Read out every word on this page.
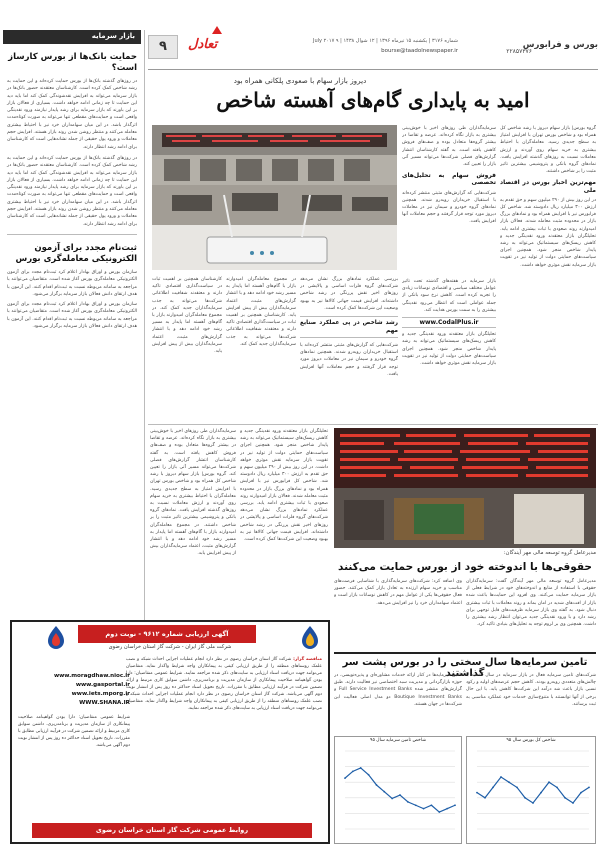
بورس و فرابورس
شماره ۳۱۷۶ | یکشنبه ۱۵ تیرماه ۱۳۹۶ | ۱۲ شوال ۱۴۳۸ | ۹ July ۲۰۱۷
bourse@taadolnewspaper.ir	۲۲۸۵۷۳۷۶
تعادل
۹
بازار سرمایه
حمایت بانک‌ها از بورس کارساز است؟
در روزهای گذشته بانک‌ها از بورس حمایت کرده‌اند و این حمایت به رشد شاخص کمک کرده است. کارشناسان معتقدند حضور بانک‌ها در بازار سرمایه می‌تواند به افزایش نقدشوندگی کمک کند اما باید دید این حمایت تا چه زمانی ادامه خواهد داشت. بسیاری از فعالان بازار بر این باورند که بازار سرمایه برای رشد پایدار نیازمند ورود نقدینگی واقعی است و حمایت‌های مقطعی تنها می‌تواند به صورت کوتاه‌مدت اثرگذار باشد. در این میان سهامداران خرد نیز با احتیاط بیشتری معامله می‌کنند و منتظر روشن شدن روند بازار هستند. افزایش حجم معاملات و ورود پول حقیقی از جمله نشانه‌هایی است که کارشناسان برای ادامه رشد انتظار دارند.
در روزهای گذشته بانک‌ها از بورس حمایت کرده‌اند و این حمایت به رشد شاخص کمک کرده است. کارشناسان معتقدند حضور بانک‌ها در بازار سرمایه می‌تواند به افزایش نقدشوندگی کمک کند اما باید دید این حمایت تا چه زمانی ادامه خواهد داشت. بسیاری از فعالان بازار بر این باورند که بازار سرمایه برای رشد پایدار نیازمند ورود نقدینگی واقعی است و حمایت‌های مقطعی تنها می‌تواند به صورت کوتاه‌مدت اثرگذار باشد. در این میان سهامداران خرد نیز با احتیاط بیشتری معامله می‌کنند و منتظر روشن شدن روند بازار هستند. افزایش حجم معاملات و ورود پول حقیقی از جمله نشانه‌هایی است که کارشناسان برای ادامه رشد انتظار دارند.
ثبت‌نام مجدد برای آزمون الکترونیکی معامله‌گری بورس
سازمان بورس و اوراق بهادار اعلام کرد ثبت‌نام مجدد برای آزمون الکترونیکی معامله‌گری بورس آغاز شده است. متقاضیان می‌توانند با مراجعه به سامانه مربوطه نسبت به ثبت‌نام اقدام کنند. این آزمون با هدف ارتقای دانش فعالان بازار سرمایه برگزار می‌شود.
سازمان بورس و اوراق بهادار اعلام کرد ثبت‌نام مجدد برای آزمون الکترونیکی معامله‌گری بورس آغاز شده است. متقاضیان می‌توانند با مراجعه به سامانه مربوطه نسبت به ثبت‌نام اقدام کنند. این آزمون با هدف ارتقای دانش فعالان بازار سرمایه برگزار می‌شود.
دیروز بازار سهام با صعودی پلکانی همراه بود
امید به پایداری گام‌های آهسته شاخص
گروه بورس| بازار سهام دیروز با رشد شاخص کل همراه بود و شاخص بورس تهران با افزایش امتیاز به سطح جدیدی رسید. معامله‌گران با احتیاط بیشتری به خرید سهام روی آوردند و ارزش معاملات نسبت به روزهای گذشته افزایش یافت. نمادهای گروه بانکی و پتروشیمی بیشترین تاثیر مثبت را بر شاخص داشتند.
مهم‌ترین اخبار بورس در اقتصاد ملی
در این روز بیش از ۲۹۰ میلیون سهم و حق تقدم به ارزش ۳۰۰ میلیارد ریال دادوستد شد. شاخص کل فرابورس نیز با افزایش همراه بود و نمادهای بزرگ بازار در محدوده مثبت معامله شدند. فعالان بازار امیدوارند روند صعودی با ثبات بیشتری ادامه یابد. تحلیلگران بازار معتقدند ورود نقدینگی جدید و کاهش ریسک‌های سیستماتیک می‌تواند به رشد پایدار شاخص منجر شود. همچنین اجرای سیاست‌های حمایتی دولت از تولید نیز در تقویت بازار سرمایه نقش موثری خواهد داشت.
سرمایه‌گذاران طی روزهای اخیر با خوش‌بینی بیشتری به بازار نگاه کرده‌اند. عرضه و تقاضا در بیشتر گروه‌ها متعادل بوده و صف‌های فروش کاهش یافته است. به گفته کارشناسان انتشار گزارش‌های فصلی شرکت‌ها می‌تواند مسیر آتی بازار را تعیین کند.
فروش سهام به تحلیل‌های تخصصی
شرکت‌هایی که گزارش‌های مثبتی منتشر کرده‌اند با استقبال خریداران روبه‌رو شدند. همچنین نمادهای گروه خودرو و سیمان نیز در معاملات دیروز مورد توجه قرار گرفتند و حجم معاملات آنها افزایش یافت.
بازار سرمایه در هفته‌های گذشته تحت تاثیر عوامل مختلف سیاسی و اقتصادی نوسانات زیادی را تجربه کرده است. کاهش نرخ سود بانکی از جمله عواملی است که انتظار می‌رود نقدینگی بیشتری را به سمت بورس هدایت کند.
www.CodalPlus.ir
تحلیلگران بازار معتقدند ورود نقدینگی جدید و کاهش ریسک‌های سیستماتیک می‌تواند به رشد پایدار شاخص منجر شود. همچنین اجرای سیاست‌های حمایتی دولت از تولید نیز در تقویت بازار سرمایه نقش موثری خواهد داشت.
بررسی عملکرد نمادهای بزرگ نشان می‌دهد شرکت‌های گروه فلزات اساسی و پالایشی در روزهای اخیر نقش پررنگی در رشد شاخص داشته‌اند. افزایش قیمت جهانی کالاها نیز به بهبود وضعیت این شرکت‌ها کمک کرده است.
رشد شاخص در پی عملکرد صنایع مهم
شرکت‌هایی که گزارش‌های مثبتی منتشر کرده‌اند با استقبال خریداران روبه‌رو شدند. همچنین نمادهای گروه خودرو و سیمان نیز در معاملات دیروز مورد توجه قرار گرفتند و حجم معاملات آنها افزایش یافت.
در مجموع معامله‌گران امیدوارند بازار با گام‌های آهسته اما پایدار به مسیر رشد خود ادامه دهد و با انتشار گزارش‌های مثبت، اعتماد سرمایه‌گذاران بیش از پیش افزایش یابد. کارشناسان همچنین بر اهمیت ثبات در سیاست‌گذاری اقتصادی تاکید دارند و معتقدند شفافیت اطلاعاتی شرکت‌ها می‌تواند به جذب سرمایه‌گذاران جدید کمک کند.
کارشناسان همچنین بر اهمیت ثبات در سیاست‌گذاری اقتصادی تاکید دارند و معتقدند شفافیت اطلاعاتی شرکت‌ها می‌تواند به جذب سرمایه‌گذاران جدید کمک کند. در مجموع معامله‌گران امیدوارند بازار با گام‌های آهسته اما پایدار به مسیر رشد خود ادامه دهد و با انتشار گزارش‌های مثبت، اعتماد سرمایه‌گذاران بیش از پیش افزایش یابد.
مدیرعامل گروه توسعه مالی مهر آیندگان:
حقوقی‌ها با اندوخته خود از بورس حمایت می‌کنند
مدیرعامل گروه توسعه مالی مهر آیندگان گفت: سرمایه‌گذاران حقوقی با استفاده از منابع و اندوخته‌های خود در شرایط فعلی از بازار سرمایه حمایت می‌کنند. وی افزود این حمایت‌ها باعث شده بازار از افت‌های شدید در امان بماند و روند معاملات با ثبات بیشتری دنبال شود. به گفته وی بازار سرمایه ظرفیت‌های قابل توجهی برای رشد دارد و با ورود نقدینگی جدید می‌توان انتظار رشد بیشتری را داشت. همچنین وی بر لزوم توجه به تحلیل‌های بنیادی تاکید کرد.
وی اضافه کرد: شرکت‌های سرمایه‌گذاری با شناسایی فرصت‌های مناسب و خرید سهام ارزنده به تعادل بازار کمک می‌کنند. حضور فعال حقوقی‌ها یکی از عوامل مهم در کاهش نوسانات بازار است و اعتماد سهامداران خرد را نیز افزایش می‌دهد.
تحلیلگران بازار معتقدند ورود نقدینگی جدید و کاهش ریسک‌های سیستماتیک می‌تواند به رشد پایدار شاخص منجر شود. همچنین اجرای سیاست‌های حمایتی دولت از تولید نیز در تقویت بازار سرمایه نقش موثری خواهد داشت. در این روز بیش از ۲۹۰ میلیون سهم و حق تقدم به ارزش ۳۰۰ میلیارد ریال دادوستد شد. شاخص کل فرابورس نیز با افزایش همراه بود و نمادهای بزرگ بازار در محدوده مثبت معامله شدند. فعالان بازار امیدوارند روند صعودی با ثبات بیشتری ادامه یابد. بررسی عملکرد نمادهای بزرگ نشان می‌دهد شرکت‌های گروه فلزات اساسی و پالایشی در روزهای اخیر نقش پررنگی در رشد شاخص داشته‌اند. افزایش قیمت جهانی کالاها نیز به بهبود وضعیت این شرکت‌ها کمک کرده است.
سرمایه‌گذاران طی روزهای اخیر با خوش‌بینی بیشتری به بازار نگاه کرده‌اند. عرضه و تقاضا در بیشتر گروه‌ها متعادل بوده و صف‌های فروش کاهش یافته است. به گفته کارشناسان انتشار گزارش‌های فصلی شرکت‌ها می‌تواند مسیر آتی بازار را تعیین کند. گروه بورس| بازار سهام دیروز با رشد شاخص کل همراه بود و شاخص بورس تهران با افزایش امتیاز به سطح جدیدی رسید. معامله‌گران با احتیاط بیشتری به خرید سهام روی آوردند و ارزش معاملات نسبت به روزهای گذشته افزایش یافت. نمادهای گروه بانکی و پتروشیمی بیشترین تاثیر مثبت را بر شاخص داشتند. در مجموع معامله‌گران امیدوارند بازار با گام‌های آهسته اما پایدار به مسیر رشد خود ادامه دهد و با انتشار گزارش‌های مثبت، اعتماد سرمایه‌گذاران بیش از پیش افزایش یابد.
تامین سرمایه‌ها سال سختی را در بورس پشت سر گذاشتند
شرکت‌های تامین سرمایه فعال در بازار سرمایه در سال گذشته با چالش‌های متعددی روبه‌رو بودند. کاهش حجم عرضه‌های اولیه و رکود نسبی بازار باعث شد درآمد این شرکت‌ها کاهش یابد. با این حال برخی از آنها توانستند با متنوع‌سازی خدمات خود عملکرد مناسبی به ثبت برسانند.
تامین سرمایه‌ها در کنار ارائه خدمات مشاوره‌ای و پذیره‌نویسی، در حوزه بازارگردانی و مدیریت سبد اختصاصی نیز فعالیت دارند. طبق گزارش‌های منتشر شده Full Service Investment Banks و Boutique Investment Banks دو مدل اصلی فعالیت این شرکت‌ها در جهان هستند.
شاخص کل بورس سال ۹۵
شاخص تامین سرمایه سال ۹۵
آگهی ارزیابی شماره ۹۶۱۲ - نوبت دوم
شرکت ملی گاز ایران - شرکت گاز استان خراسان رضوی
مناقصه گزار: شرکت گاز استان خراسان رضوی در نظر دارد انجام عملیات اجرایی احداث شبکه و نصب علمک روستاهای منطقه را از طریق ارزیابی کیفی به پیمانکاران واجد شرایط واگذار نماید. متقاضیان می‌توانند جهت دریافت اسناد ارزیابی به سایت‌های ذکر شده مراجعه نمایند. شرایط عمومی متقاضیان: دارا بودن گواهینامه صلاحیت پیمانکاری از سازمان مدیریت و برنامه‌ریزی، داشتن سوابق کاری مرتبط و ارائه تضمین شرکت در فرآیند ارزیابی مطابق با مقررات. تاریخ تحویل اسناد حداکثر ده روز پس از انتشار نوبت دوم آگهی می‌باشد. شرکت گاز استان خراسان رضوی در نظر دارد انجام عملیات اجرایی احداث شبکه و نصب علمک روستاهای منطقه را از طریق ارزیابی کیفی به پیمانکاران واجد شرایط واگذار نماید. متقاضیان می‌توانند جهت دریافت اسناد ارزیابی به سایت‌های ذکر شده مراجعه نمایند.
www.moragdhaw.nioc.ir
www.gasportal.ir
www.iets.mporg.ir
WWW.SHANA.IR
شرایط عمومی متقاضیان: دارا بودن گواهینامه صلاحیت پیمانکاری از سازمان مدیریت و برنامه‌ریزی، داشتن سوابق کاری مرتبط و ارائه تضمین شرکت در فرآیند ارزیابی مطابق با مقررات. تاریخ تحویل اسناد حداکثر ده روز پس از انتشار نوبت دوم آگهی می‌باشد.
روابط عمومی شرکت گاز استان خراسان رضوی
